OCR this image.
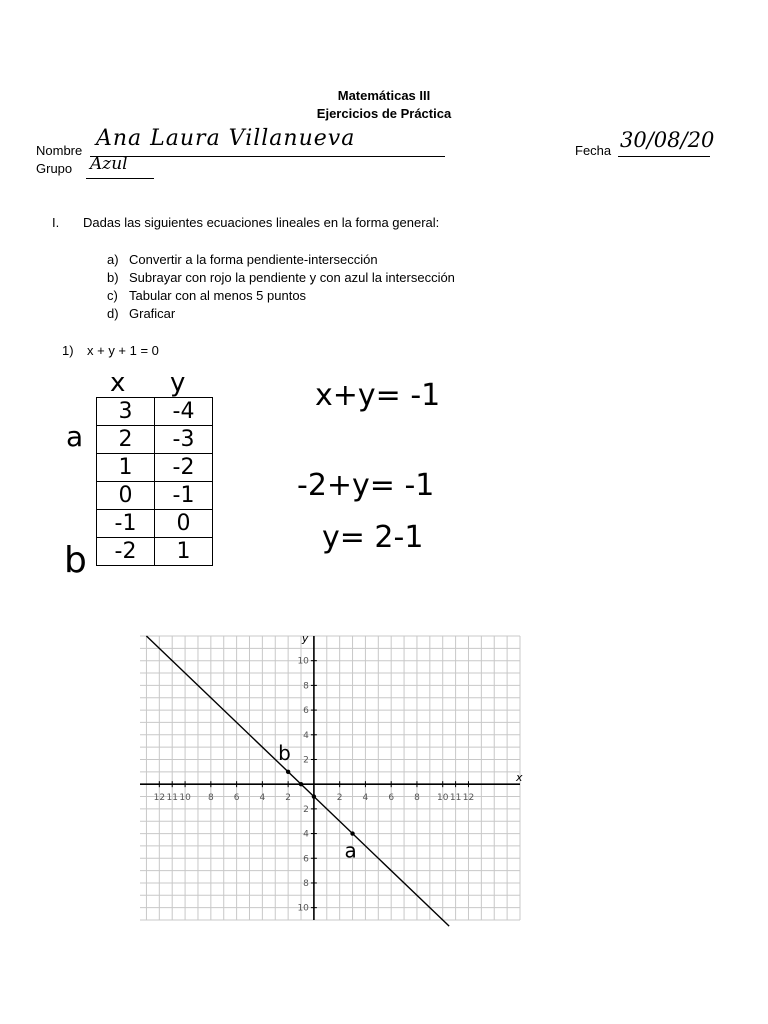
Matemáticas III
Ejercicios de Práctica
Nombre Ana Laura Villanueva	Fecha 30/08/20
Grupo Azul
I. Dadas las siguientes ecuaciones lineales en la forma general:
a) Convertir a la forma pendiente-intersección
b) Subrayar con rojo la pendiente y con azul la intersección
c) Tabular con al menos 5 puntos
d) Graficar
1) x + y + 1 = 0
x y
3	-4
2	-3
1	-2
0	-1
-1	0
-2	1
a
b
x+y= -1
-2+y= -1
y= 2-1
x
y
12 11 10 8 6 4 2	2 4 6 8 10 11 12
10
8
6
4
2
2
4
6
8
10
b
a
